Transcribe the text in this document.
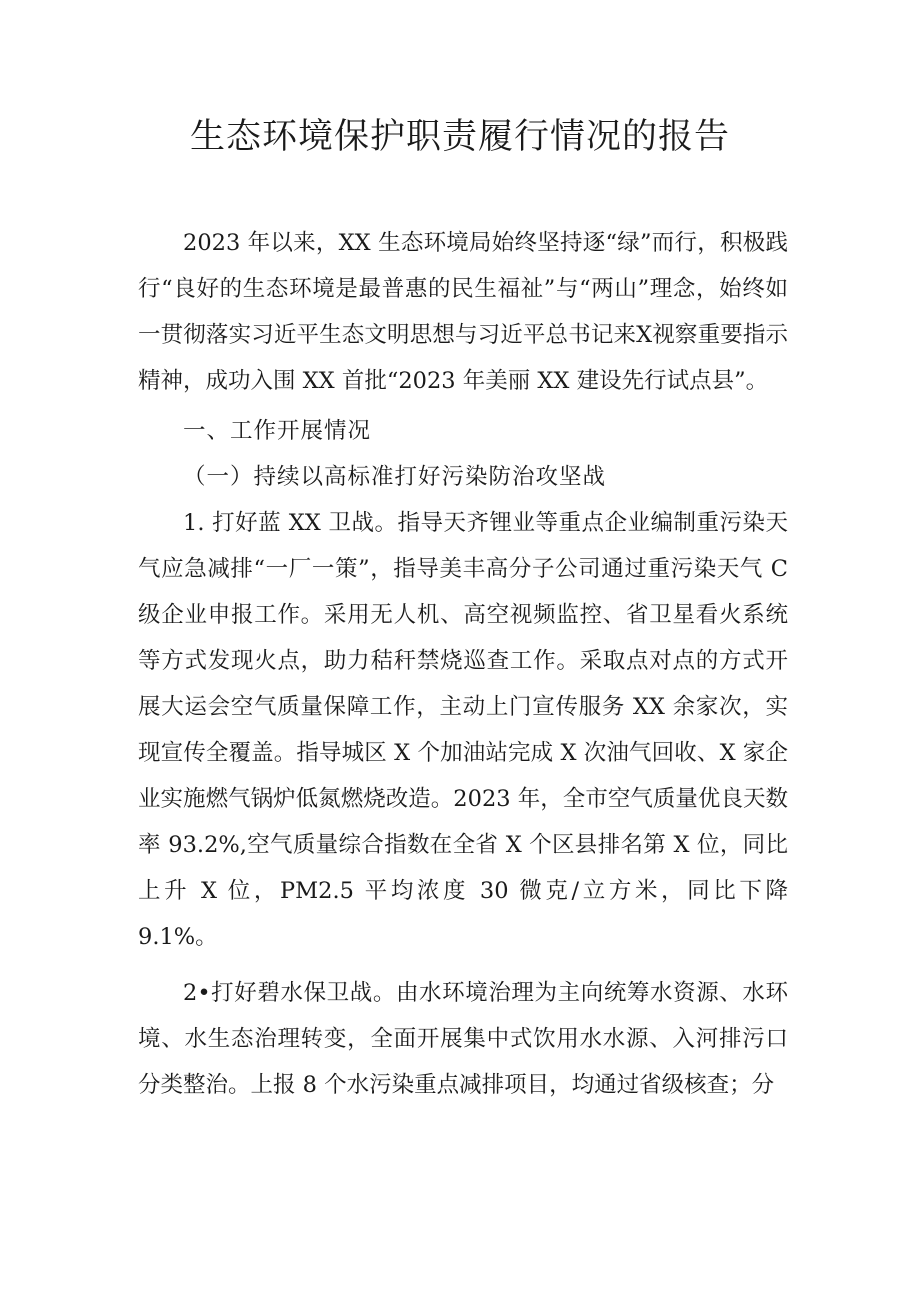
生态环境保护职责履行情况的报告

2023 年以来，XX 生态环境局始终坚持逐“绿”而行，积极践行“良好的生态环境是最普惠的民生福祉”与“两山”理念，始终如一贯彻落实习近平生态文明思想与习近平总书记来X视察重要指示精神，成功入围 XX 首批“2023 年美丽 XX 建设先行试点县”。

一、工作开展情况

（一）持续以高标准打好污染防治攻坚战

1. 打好蓝 XX 卫战。指导天齐锂业等重点企业编制重污染天气应急减排“一厂一策”，指导美丰高分子公司通过重污染天气 C 级企业申报工作。采用无人机、高空视频监控、省卫星看火系统等方式发现火点，助力秸秆禁烧巡查工作。采取点对点的方式开展大运会空气质量保障工作，主动上门宣传服务 XX 余家次，实现宣传全覆盖。指导城区 X 个加油站完成 X 次油气回收、X 家企业实施燃气锅炉低氮燃烧改造。2023 年，全市空气质量优良天数率 93.2%,空气质量综合指数在全省 X 个区县排名第 X 位，同比上升 X 位，PM2.5 平均浓度 30 微克/立方米，同比下降 9.1%。

2•打好碧水保卫战。由水环境治理为主向统筹水资源、水环境、水生态治理转变，全面开展集中式饮用水水源、入河排污口分类整治。上报 8 个水污染重点减排项目，均通过省级核查；分
